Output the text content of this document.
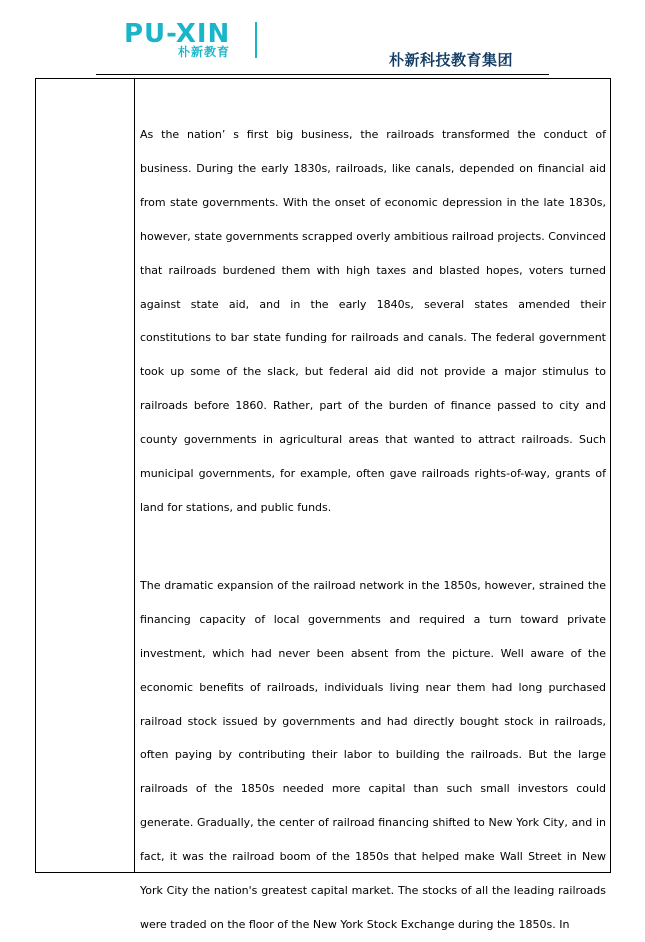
PU-XIN
朴新教育	朴新科技教育集团

As the nation’ s first big business, the railroads transformed the conduct of business. During the early 1830s, railroads, like canals, depended on financial aid from state governments. With the onset of economic depression in the late 1830s, however, state governments scrapped overly ambitious railroad projects. Convinced that railroads burdened them with high taxes and blasted hopes, voters turned against state aid, and in the early 1840s, several states amended their constitutions to bar state funding for railroads and canals. The federal government took up some of the slack, but federal aid did not provide a major stimulus to railroads before 1860. Rather, part of the burden of finance passed to city and county governments in agricultural areas that wanted to attract railroads. Such municipal governments, for example, often gave railroads rights-of-way, grants of land for stations, and public funds.

The dramatic expansion of the railroad network in the 1850s, however, strained the financing capacity of local governments and required a turn toward private investment, which had never been absent from the picture. Well aware of the economic benefits of railroads, individuals living near them had long purchased railroad stock issued by governments and had directly bought stock in railroads, often paying by contributing their labor to building the railroads. But the large railroads of the 1850s needed more capital than such small investors could generate. Gradually, the center of railroad financing shifted to New York City, and in fact, it was the railroad boom of the 1850s that helped make Wall Street in New York City the nation's greatest capital market. The stocks of all the leading railroads were traded on the floor of the New York Stock Exchange during the 1850s. In
